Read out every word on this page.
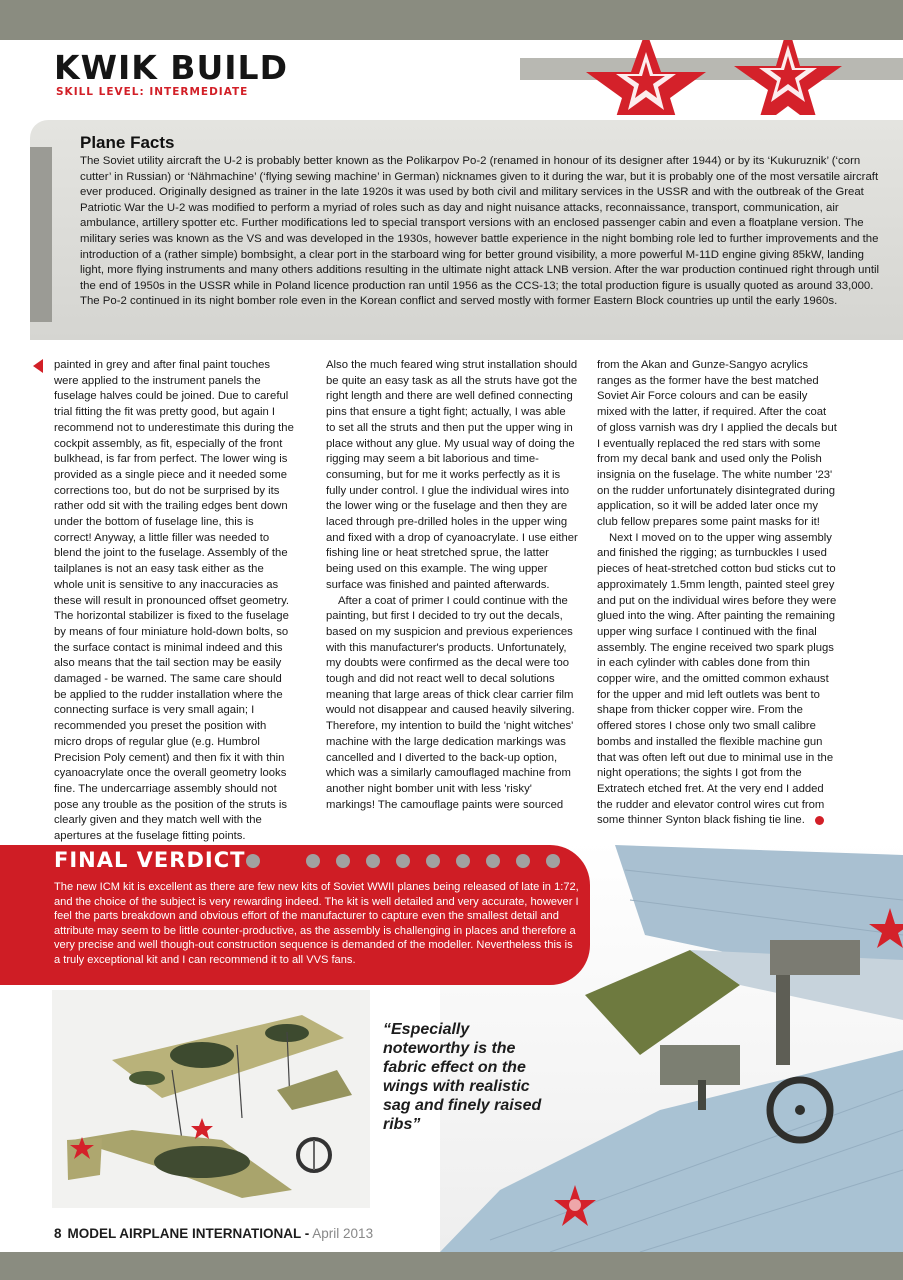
KWIK BUILD
SKILL LEVEL: INTERMEDIATE
Plane Facts
The Soviet utility aircraft the U-2 is probably better known as the Polikarpov Po-2 (renamed in honour of its designer after 1944) or by its ‘Kukuruznik’ (‘corn cutter’ in Russian) or ‘Nähmachine’ (‘flying sewing machine’ in German) nicknames given to it during the war, but it is probably one of the most versatile aircraft ever produced. Originally designed as trainer in the late 1920s it was used by both civil and military services in the USSR and with the outbreak of the Great Patriotic War the U-2 was modified to perform a myriad of roles such as day and night nuisance attacks, reconnaissance, transport, communication, air ambulance, artillery spotter etc. Further modifications led to special transport versions with an enclosed passenger cabin and even a floatplane version. The military series was known as the VS and was developed in the 1930s, however battle experience in the night bombing role led to further improvements and the introduction of a (rather simple) bombsight, a clear port in the starboard wing for better ground visibility, a more powerful M-11D engine giving 85kW, landing light, more flying instruments and many others additions resulting in the ultimate night attack LNB version. After the war production continued right through until the end of 1950s in the USSR while in Poland licence production ran until 1956 as the CCS-13; the total production figure is usually quoted as around 33,000. The Po-2 continued in its night bomber role even in the Korean conflict and served mostly with former Eastern Block countries up until the early 1960s.

painted in grey and after final paint touches were applied to the instrument panels the fuselage halves could be joined. Due to careful trial fitting the fit was pretty good, but again I recommend not to underestimate this during the cockpit assembly, as fit, especially of the front bulkhead, is far from perfect. The lower wing is provided as a single piece and it needed some corrections too, but do not be surprised by its rather odd sit with the trailing edges bent down under the bottom of fuselage line, this is correct! Anyway, a little filler was needed to blend the joint to the fuselage. Assembly of the tailplanes is not an easy task either as the whole unit is sensitive to any inaccuracies as these will result in pronounced offset geometry. The horizontal stabilizer is fixed to the fuselage by means of four miniature hold-down bolts, so the surface contact is minimal indeed and this also means that the tail section may be easily damaged - be warned. The same care should be applied to the rudder installation where the connecting surface is very small again; I recommended you preset the position with micro drops of regular glue (e.g. Humbrol Precision Poly cement) and then fix it with thin cyanoacrylate once the overall geometry looks fine. The undercarriage assembly should not pose any trouble as the position of the struts is clearly given and they match well with the apertures at the fuselage fitting points.

Also the much feared wing strut installation should be quite an easy task as all the struts have got the right length and there are well defined connecting pins that ensure a tight fight; actually, I was able to set all the struts and then put the upper wing in place without any glue. My usual way of doing the rigging may seem a bit laborious and time-consuming, but for me it works perfectly as it is fully under control. I glue the individual wires into the lower wing or the fuselage and then they are laced through pre-drilled holes in the upper wing and fixed with a drop of cyanoacrylate. I use either fishing line or heat stretched sprue, the latter being used on this example. The wing upper surface was finished and painted afterwards.

After a coat of primer I could continue with the painting, but first I decided to try out the decals, based on my suspicion and previous experiences with this manufacturer's products. Unfortunately, my doubts were confirmed as the decal were too tough and did not react well to decal solutions meaning that large areas of thick clear carrier film would not disappear and caused heavily silvering. Therefore, my intention to build the 'night witches' machine with the large dedication markings was cancelled and I diverted to the back-up option, which was a similarly camouflaged machine from another night bomber unit with less 'risky' markings! The camouflage paints were sourced

from the Akan and Gunze-Sangyo acrylics ranges as the former have the best matched Soviet Air Force colours and can be easily mixed with the latter, if required. After the coat of gloss varnish was dry I applied the decals but I eventually replaced the red stars with some from my decal bank and used only the Polish insignia on the fuselage. The white number '23' on the rudder unfortunately disintegrated during application, so it will be added later once my club fellow prepares some paint masks for it!

Next I moved on to the upper wing assembly and finished the rigging; as turnbuckles I used pieces of heat-stretched cotton bud sticks cut to approximately 1.5mm length, painted steel grey and put on the individual wires before they were glued into the wing. After painting the remaining upper wing surface I continued with the final assembly. The engine received two spark plugs in each cylinder with cables done from thin copper wire, and the omitted common exhaust for the upper and mid left outlets was bent to shape from thicker copper wire. From the offered stores I chose only two small calibre bombs and installed the flexible machine gun that was often left out due to minimal use in the night operations; the sights I got from the Extratech etched fret. At the very end I added the rudder and elevator control wires cut from some thinner Synton black fishing tie line.

FINAL VERDICT
The new ICM kit is excellent as there are few new kits of Soviet WWII planes being released of late in 1:72, and the choice of the subject is very rewarding indeed. The kit is well detailed and very accurate, however I feel the parts breakdown and obvious effort of the manufacturer to capture even the smallest detail and attribute may seem to be little counter-productive, as the assembly is challenging in places and therefore a very precise and well though-out construction sequence is demanded of the modeller. Nevertheless this is a truly exceptional kit and I can recommend it to all VVS fans.
“Especially noteworthy is the fabric effect on the wings with realistic sag and finely raised ribs”
8 MODEL AIRPLANE INTERNATIONAL - April 2013
